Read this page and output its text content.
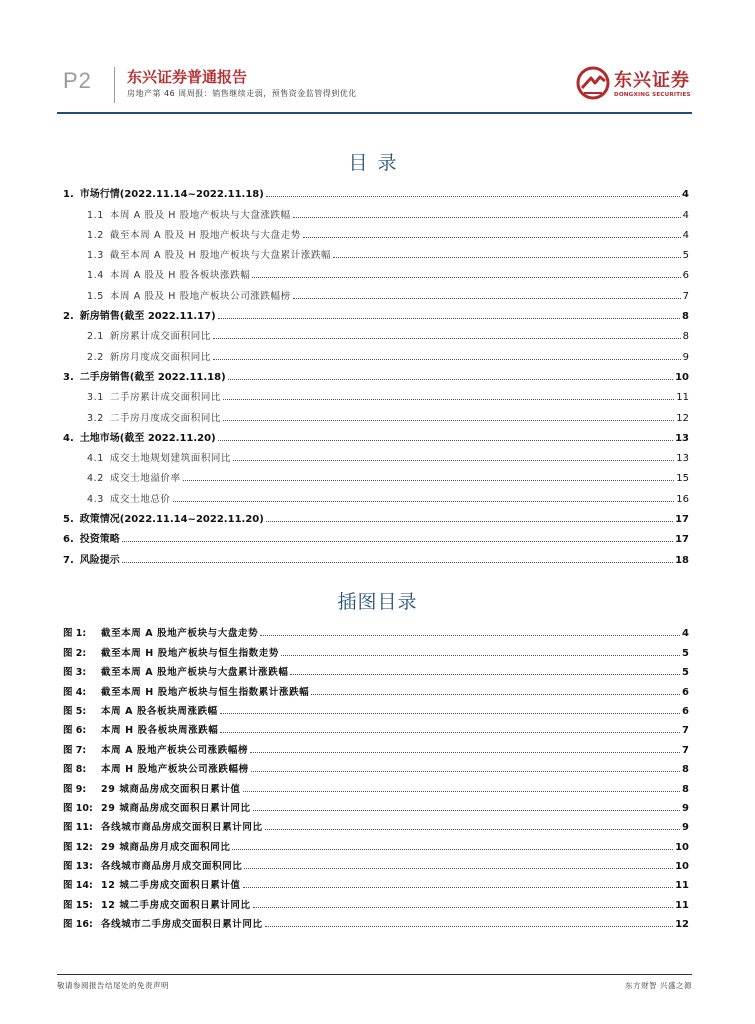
P2 东兴证券普通报告
房地产第 46 周周报：销售继续走弱，预售资金监管得到优化
东兴证券
DONGXING SECURITIES
目录
1. 市场行情(2022.11.14~2022.11.18)	4
1.1 本周 A 股及 H 股地产板块与大盘涨跌幅	4
1.2 截至本周 A 股及 H 股地产板块与大盘走势	4
1.3 截至本周 A 股及 H 股地产板块与大盘累计涨跌幅	5
1.4 本周 A 股及 H 股各板块涨跌幅	6
1.5 本周 A 股及 H 股地产板块公司涨跌幅榜	7
2. 新房销售(截至 2022.11.17)	8
2.1 新房累计成交面积同比	8
2.2 新房月度成交面积同比	9
3. 二手房销售(截至 2022.11.18)	10
3.1 二手房累计成交面积同比	11
3.2 二手房月度成交面积同比	12
4. 土地市场(截至 2022.11.20)	13
4.1 成交土地规划建筑面积同比	13
4.2 成交土地溢价率	15
4.3 成交土地总价	16
5. 政策情况(2022.11.14~2022.11.20)	17
6. 投资策略	17
7. 风险提示	18
插图目录
图 1:	截至本周 A 股地产板块与大盘走势	4
图 2:	截至本周 H 股地产板块与恒生指数走势	5
图 3:	截至本周 A 股地产板块与大盘累计涨跌幅	5
图 4:	截至本周 H 股地产板块与恒生指数累计涨跌幅	6
图 5:	本周 A 股各板块周涨跌幅	6
图 6:	本周 H 股各板块周涨跌幅	7
图 7:	本周 A 股地产板块公司涨跌幅榜	7
图 8:	本周 H 股地产板块公司涨跌幅榜	8
图 9:	29 城商品房成交面积日累计值	8
图 10: 29 城商品房成交面积日累计同比	9
图 11: 各线城市商品房成交面积日累计同比	9
图 12: 29 城商品房月成交面积同比	10
图 13: 各线城市商品房月成交面积同比	10
图 14: 12 城二手房成交面积日累计值	11
图 15: 12 城二手房成交面积日累计同比	11
图 16: 各线城市二手房成交面积日累计同比	12
敬请参阅报告结尾处的免责声明	东方财智 兴盛之源
